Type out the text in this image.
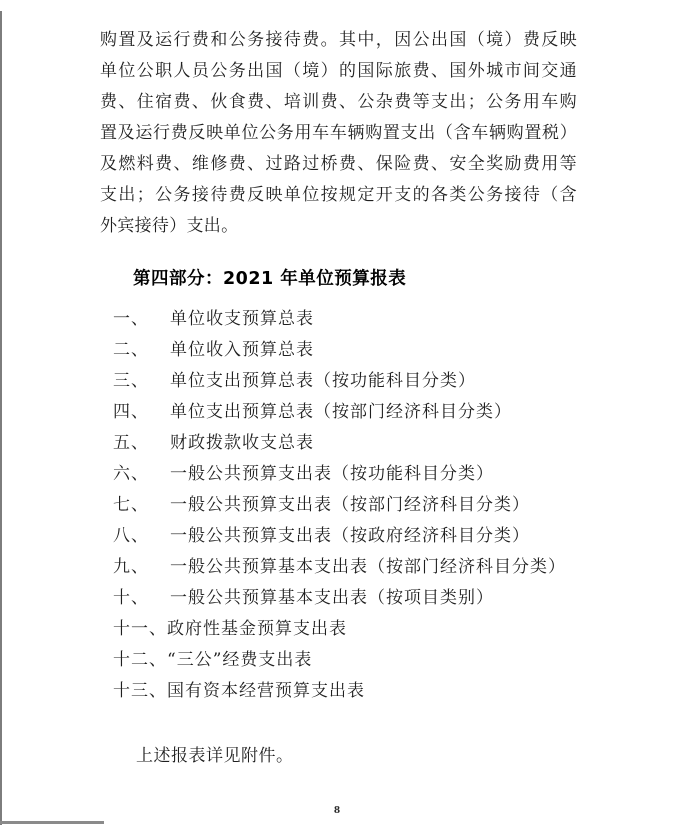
购置及运行费和公务接待费。其中，因公出国（境）费反映
单位公职人员公务出国（境）的国际旅费、国外城市间交通
费、住宿费、伙食费、培训费、公杂费等支出；公务用车购
置及运行费反映单位公务用车车辆购置支出（含车辆购置税）
及燃料费、维修费、过路过桥费、保险费、安全奖励费用等
支出；公务接待费反映单位按规定开支的各类公务接待（含
外宾接待）支出。
第四部分：2021 年单位预算报表
一、 单位收支预算总表
二、 单位收入预算总表
三、 单位支出预算总表（按功能科目分类）
四、 单位支出预算总表（按部门经济科目分类）
五、 财政拨款收支总表
六、 一般公共预算支出表（按功能科目分类）
七、 一般公共预算支出表（按部门经济科目分类）
八、 一般公共预算支出表（按政府经济科目分类）
九、 一般公共预算基本支出表（按部门经济科目分类）
十、 一般公共预算基本支出表（按项目类别）
十一、政府性基金预算支出表
十二、“三公”经费支出表
十三、国有资本经营预算支出表
上述报表详见附件。
8
